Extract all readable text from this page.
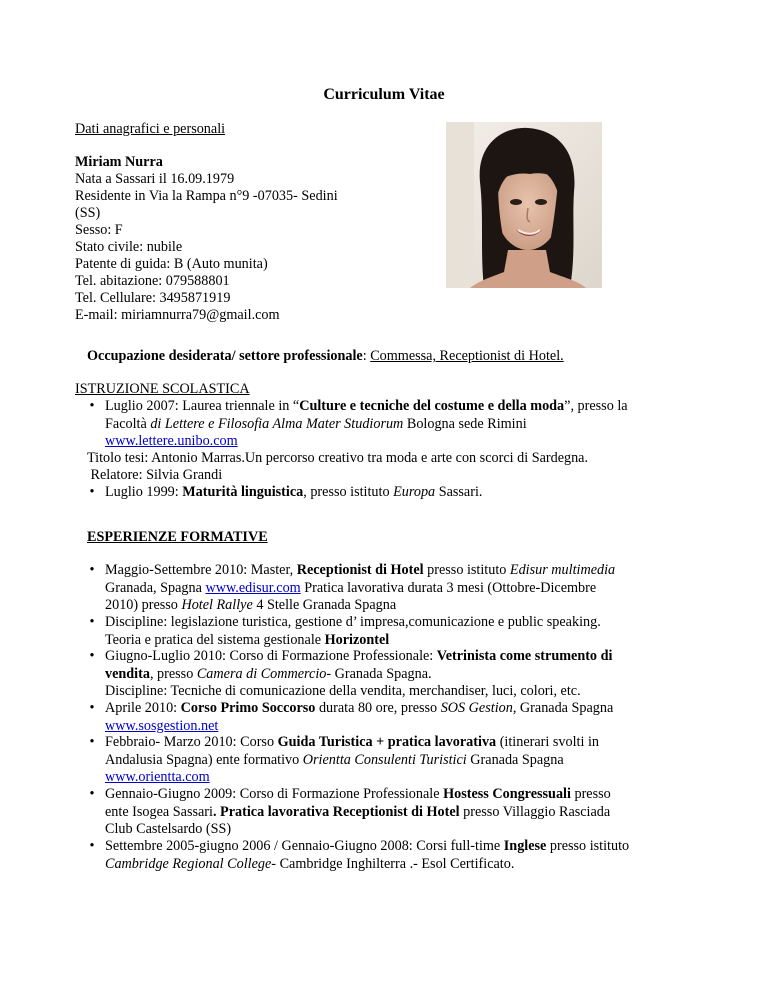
Curriculum Vitae
Dati anagrafici e personali
Miriam Nurra
Nata a Sassari il 16.09.1979
Residente in Via la Rampa n°9 -07035- Sedini
(SS)
Sesso: F
Stato civile: nubile
Patente di guida: B (Auto munita)
Tel. abitazione: 079588801
Tel. Cellulare: 3495871919
E-mail: miriamnurra79@gmail.com
Occupazione desiderata/ settore professionale: Commessa, Receptionist di Hotel.
ISTRUZIONE SCOLASTICA
• Luglio 2007: Laurea triennale in “Culture e tecniche del costume e della moda”, presso la
Facoltà di Lettere e Filosofia Alma Mater Studiorum Bologna sede Rimini
www.lettere.unibo.com
Titolo tesi: Antonio Marras.Un percorso creativo tra moda e arte con scorci di Sardegna.
Relatore: Silvia Grandi
• Luglio 1999: Maturità linguistica, presso istituto Europa Sassari.
ESPERIENZE FORMATIVE
• Maggio-Settembre 2010: Master, Receptionist di Hotel presso istituto Edisur multimedia
Granada, Spagna www.edisur.com Pratica lavorativa durata 3 mesi (Ottobre-Dicembre
2010) presso Hotel Rallye 4 Stelle Granada Spagna
• Discipline: legislazione turistica, gestione d’ impresa,comunicazione e public speaking.
Teoria e pratica del sistema gestionale Horizontel
• Giugno-Luglio 2010: Corso di Formazione Professionale: Vetrinista come strumento di
vendita, presso Camera di Commercio- Granada Spagna.
Discipline: Tecniche di comunicazione della vendita, merchandiser, luci, colori, etc.
• Aprile 2010: Corso Primo Soccorso durata 80 ore, presso SOS Gestion, Granada Spagna
www.sosgestion.net
• Febbraio- Marzo 2010: Corso Guida Turistica + pratica lavorativa (itinerari svolti in
Andalusia Spagna) ente formativo Orientta Consulenti Turistici Granada Spagna
www.orientta.com
• Gennaio-Giugno 2009: Corso di Formazione Professionale Hostess Congressuali presso
ente Isogea Sassari. Pratica lavorativa Receptionist di Hotel presso Villaggio Rasciada
Club Castelsardo (SS)
• Settembre 2005-giugno 2006 / Gennaio-Giugno 2008: Corsi full-time Inglese presso istituto
Cambridge Regional College- Cambridge Inghilterra .- Esol Certificato.
